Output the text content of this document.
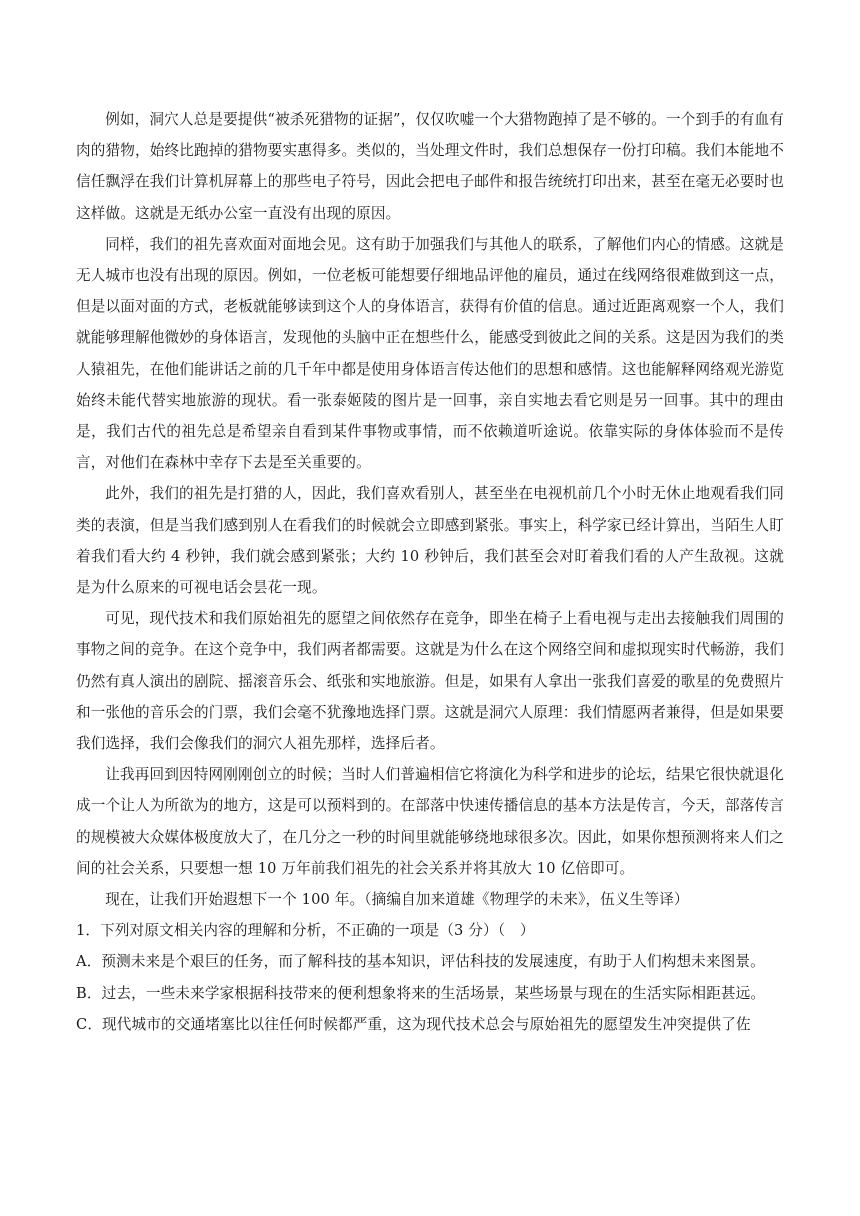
例如，洞穴人总是要提供“被杀死猎物的证据”，仅仅吹嘘一个大猎物跑掉了是不够的。一个到手的有血有肉的猎物，始终比跑掉的猎物要实惠得多。类似的，当处理文件时，我们总想保存一份打印稿。我们本能地不信任飘浮在我们计算机屏幕上的那些电子符号，因此会把电子邮件和报告统统打印出来，甚至在毫无必要时也这样做。这就是无纸办公室一直没有出现的原因。

同样，我们的祖先喜欢面对面地会见。这有助于加强我们与其他人的联系，了解他们内心的情感。这就是无人城市也没有出现的原因。例如，一位老板可能想要仔细地品评他的雇员，通过在线网络很难做到这一点，但是以面对面的方式，老板就能够读到这个人的身体语言，获得有价值的信息。通过近距离观察一个人，我们就能够理解他微妙的身体语言，发现他的头脑中正在想些什么，能感受到彼此之间的关系。这是因为我们的类人猿祖先，在他们能讲话之前的几千年中都是使用身体语言传达他们的思想和感情。这也能解释网络观光游览始终未能代替实地旅游的现状。看一张泰姬陵的图片是一回事，亲自实地去看它则是另一回事。其中的理由是，我们古代的祖先总是希望亲自看到某件事物或事情，而不依赖道听途说。依靠实际的身体体验而不是传言，对他们在森林中幸存下去是至关重要的。

此外，我们的祖先是打猎的人，因此，我们喜欢看别人，甚至坐在电视机前几个小时无休止地观看我们同类的表演，但是当我们感到别人在看我们的时候就会立即感到紧张。事实上，科学家已经计算出，当陌生人盯着我们看大约 4 秒钟，我们就会感到紧张；大约 10 秒钟后，我们甚至会对盯着我们看的人产生敌视。这就是为什么原来的可视电话会昙花一现。

可见，现代技术和我们原始祖先的愿望之间依然存在竞争，即坐在椅子上看电视与走出去接触我们周围的事物之间的竞争。在这个竞争中，我们两者都需要。这就是为什么在这个网络空间和虚拟现实时代畅游，我们仍然有真人演出的剧院、摇滚音乐会、纸张和实地旅游。但是，如果有人拿出一张我们喜爱的歌星的免费照片和一张他的音乐会的门票，我们会毫不犹豫地选择门票。这就是洞穴人原理：我们情愿两者兼得，但是如果要我们选择，我们会像我们的洞穴人祖先那样，选择后者。

让我再回到因特网刚刚创立的时候；当时人们普遍相信它将演化为科学和进步的论坛，结果它很快就退化成一个让人为所欲为的地方，这是可以预料到的。在部落中快速传播信息的基本方法是传言，今天，部落传言的规模被大众媒体极度放大了，在几分之一秒的时间里就能够绕地球很多次。因此，如果你想预测将来人们之间的社会关系，只要想一想 10 万年前我们祖先的社会关系并将其放大 10 亿倍即可。

现在，让我们开始遐想下一个 100 年。（摘编自加来道雄《物理学的未来》，伍义生等译）

1．下列对原文相关内容的理解和分析，不正确的一项是（3 分）（　）

A．预测未来是个艰巨的任务，而了解科技的基本知识，评估科技的发展速度，有助于人们构想未来图景。

B．过去，一些未来学家根据科技带来的便利想象将来的生活场景，某些场景与现在的生活实际相距甚远。

C．现代城市的交通堵塞比以往任何时候都严重，这为现代技术总会与原始祖先的愿望发生冲突提供了佐
